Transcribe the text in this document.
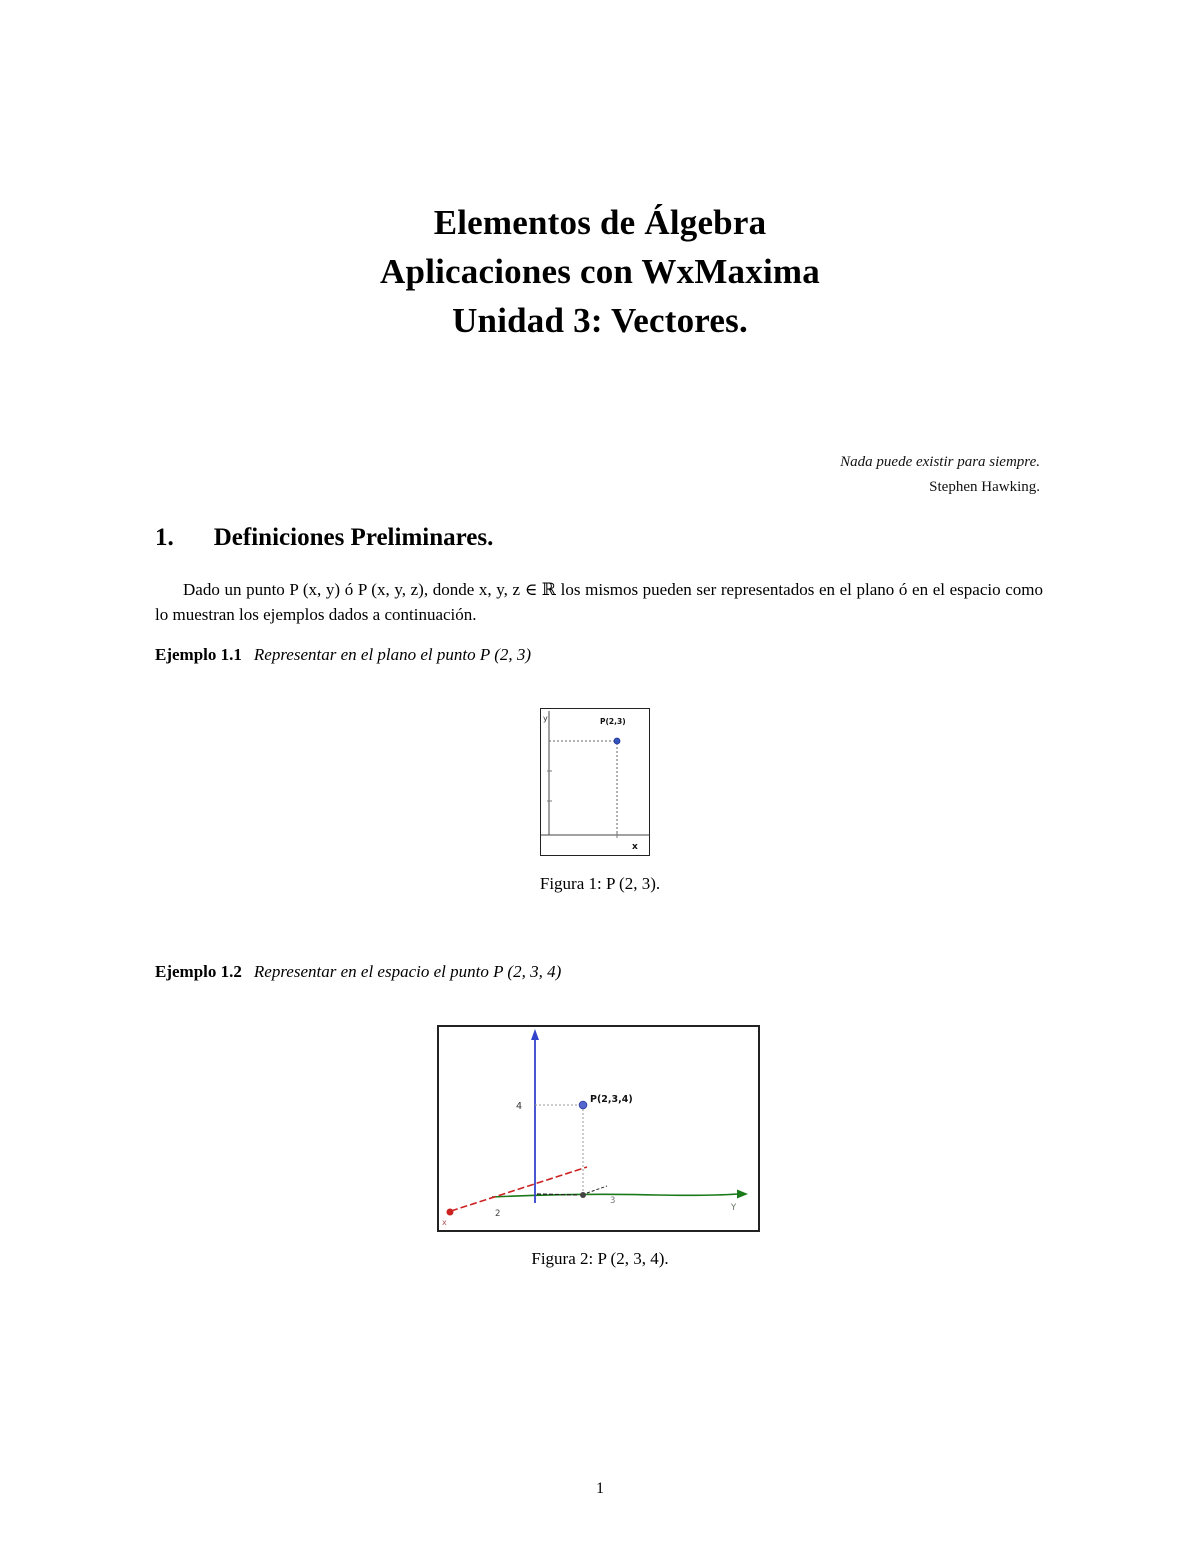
Elementos de Álgebra
Aplicaciones con WxMaxima
Unidad 3: Vectores.
Nada puede existir para siempre.
Stephen Hawking.
1. Definiciones Preliminares.
Dado un punto P (x, y) ó P (x, y, z), donde x, y, z ∈ ℝ los mismos pueden ser representados en el plano ó en el espacio como lo muestran los ejemplos dados a continuación.
Ejemplo 1.1 Representar en el plano el punto P (2, 3)
y	P(2,3)
x
Figura 1: P (2, 3).
Ejemplo 1.2 Representar en el espacio el punto P (2, 3, 4)
4
P(2,3,4)
2
3
Y
x
Figura 2: P (2, 3, 4).
1
